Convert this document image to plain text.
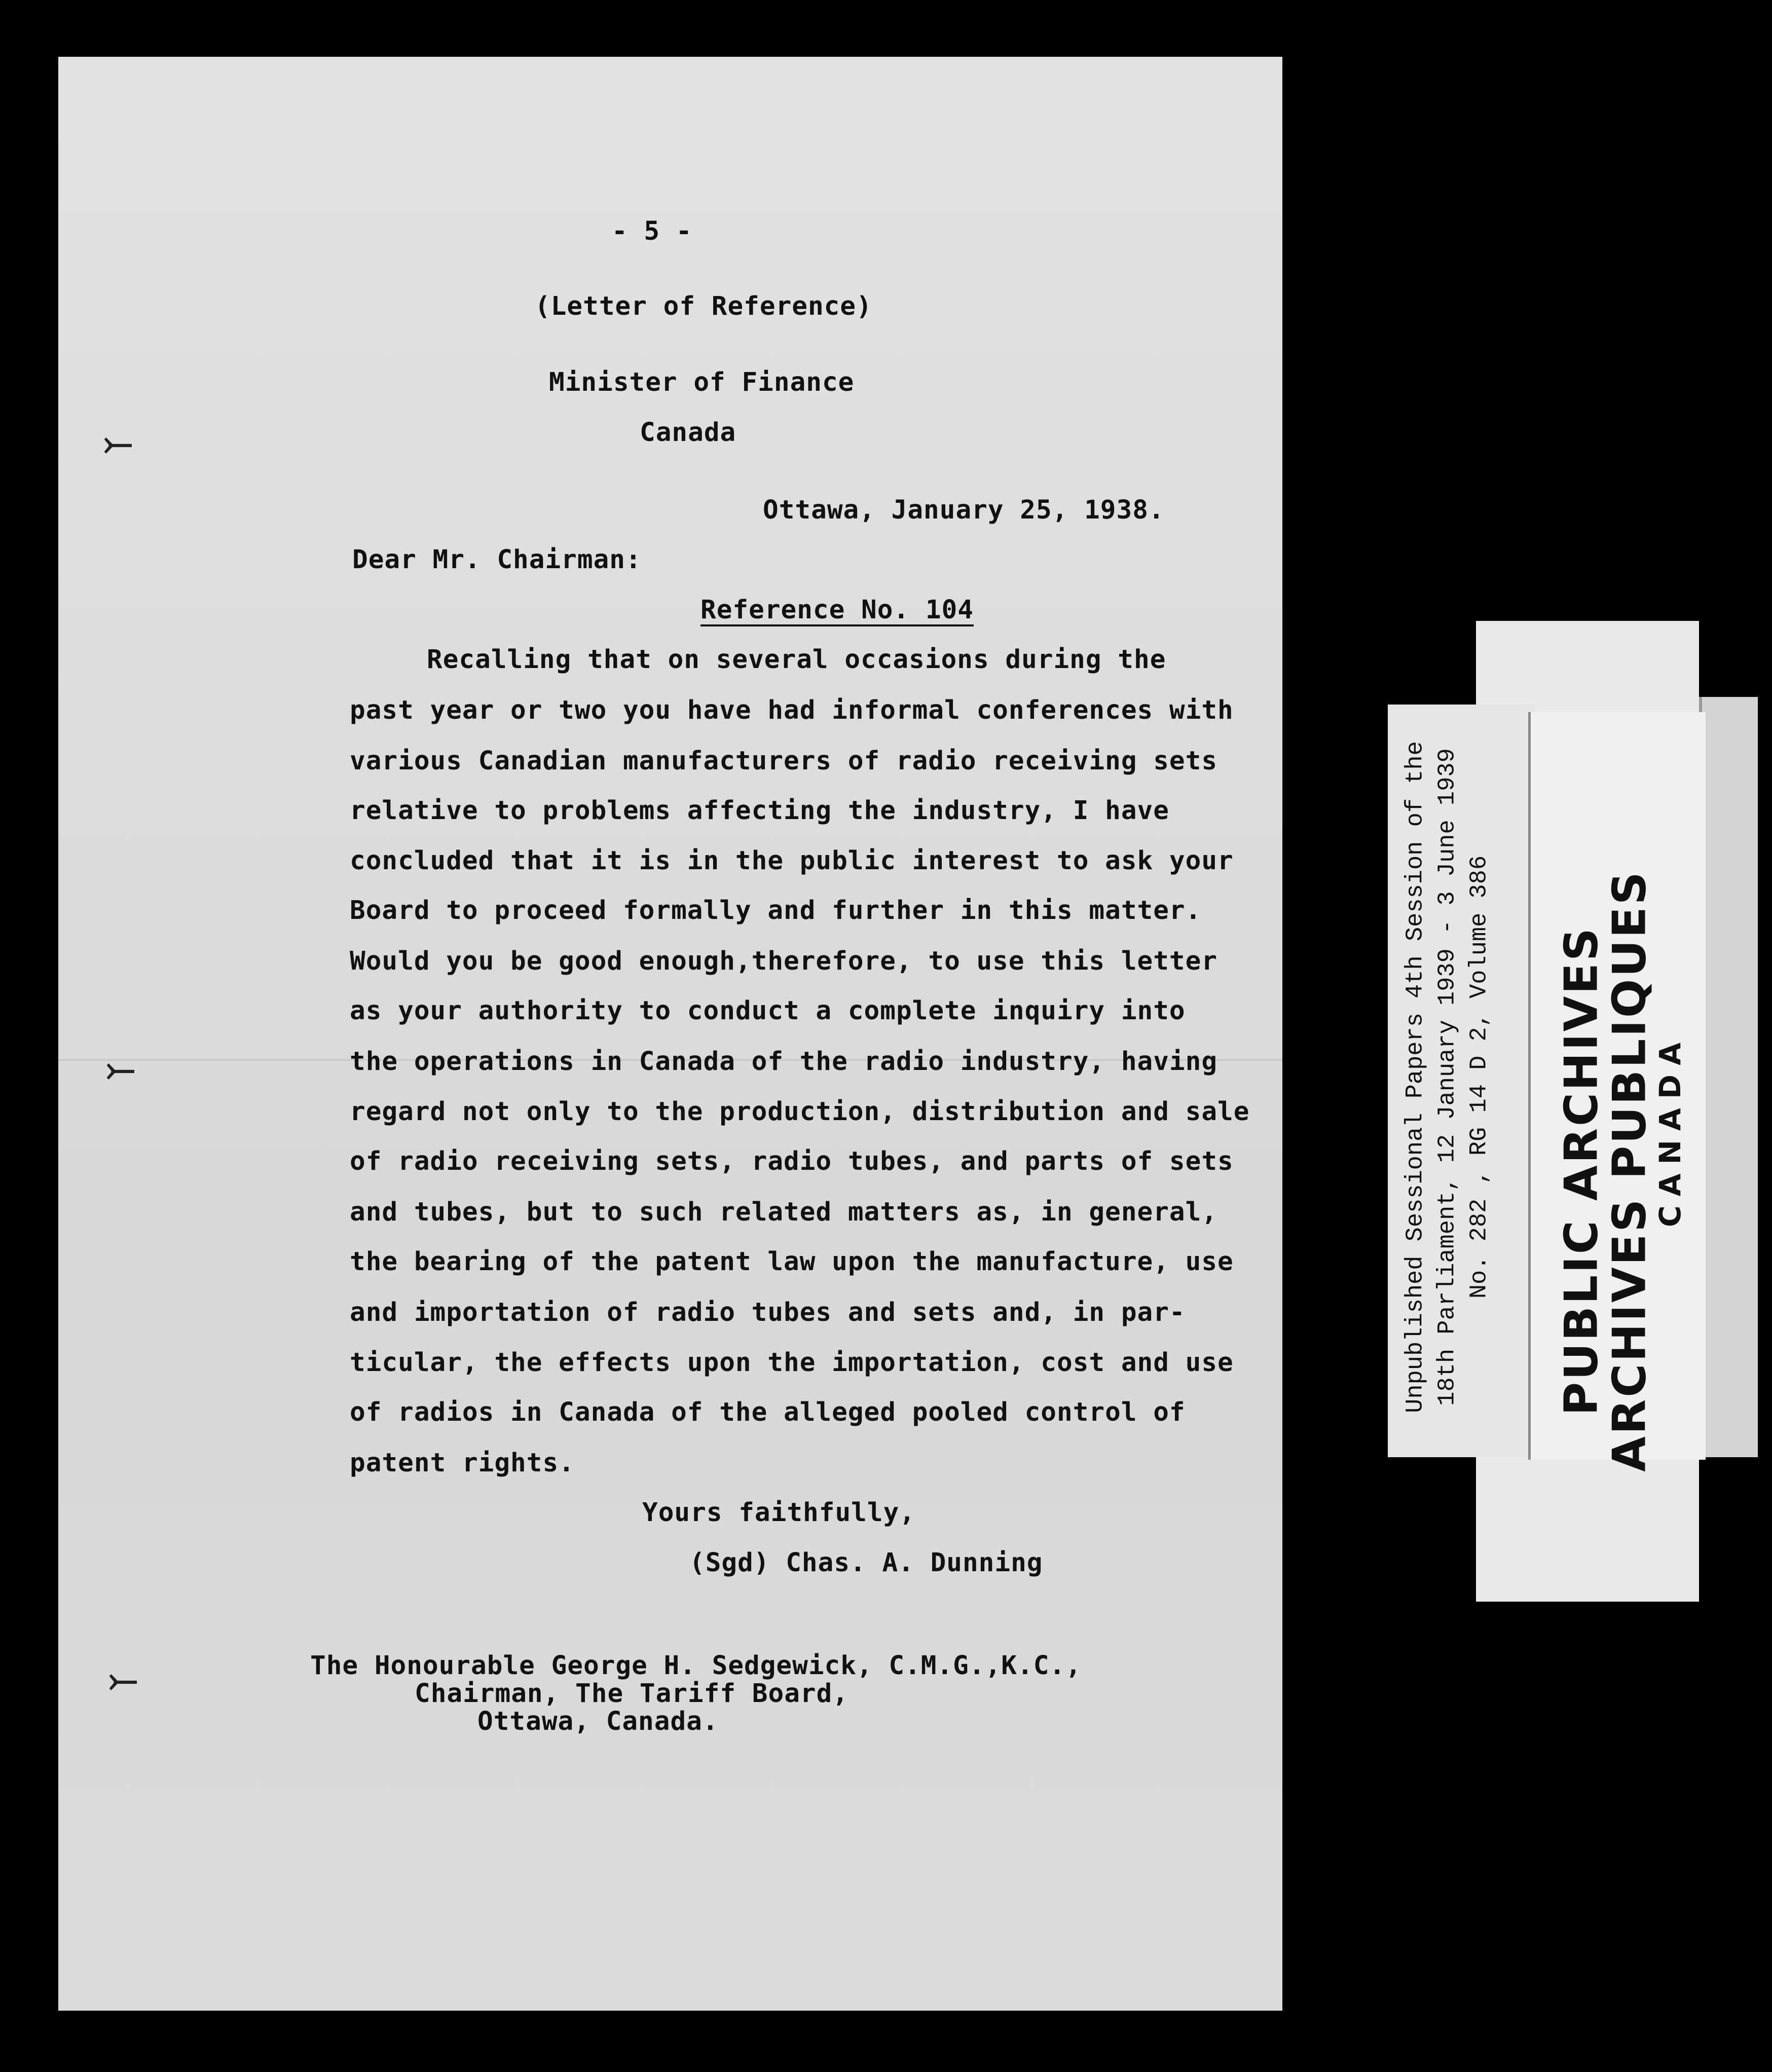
- 5 -
(Letter of Reference)
Minister of Finance
Canada
Ottawa, January 25, 1938.
Dear Mr. Chairman:
Reference No. 104
Recalling that on several occasions during the
past year or two you have had informal conferences with
various Canadian manufacturers of radio receiving sets
relative to problems affecting the industry, I have
concluded that it is in the public interest to ask your
Board to proceed formally and further in this matter.
Would you be good enough,therefore, to use this letter
as your authority to conduct a complete inquiry into
the operations in Canada of the radio industry, having
regard not only to the production, distribution and sale
of radio receiving sets, radio tubes, and parts of sets
and tubes, but to such related matters as, in general,
the bearing of the patent law upon the manufacture, use
and importation of radio tubes and sets and, in par-
ticular, the effects upon the importation, cost and use
of radios in Canada of the alleged pooled control of
patent rights.
Yours faithfully,
(Sgd) Chas. A. Dunning
The Honourable George H. Sedgewick, C.M.G.,K.C.,
Chairman, The Tariff Board,
Ottawa, Canada.
⤚
⤚
⤚
Unpublished Sessional Papers 4th Session of the 18th Parliament, 12 January 1939 - 3 June 1939 No. 282 , RG 14 D 2, Volume 386 PUBLIC ARCHIVES
ARCHIVES PUBLIQUES
CANADA
